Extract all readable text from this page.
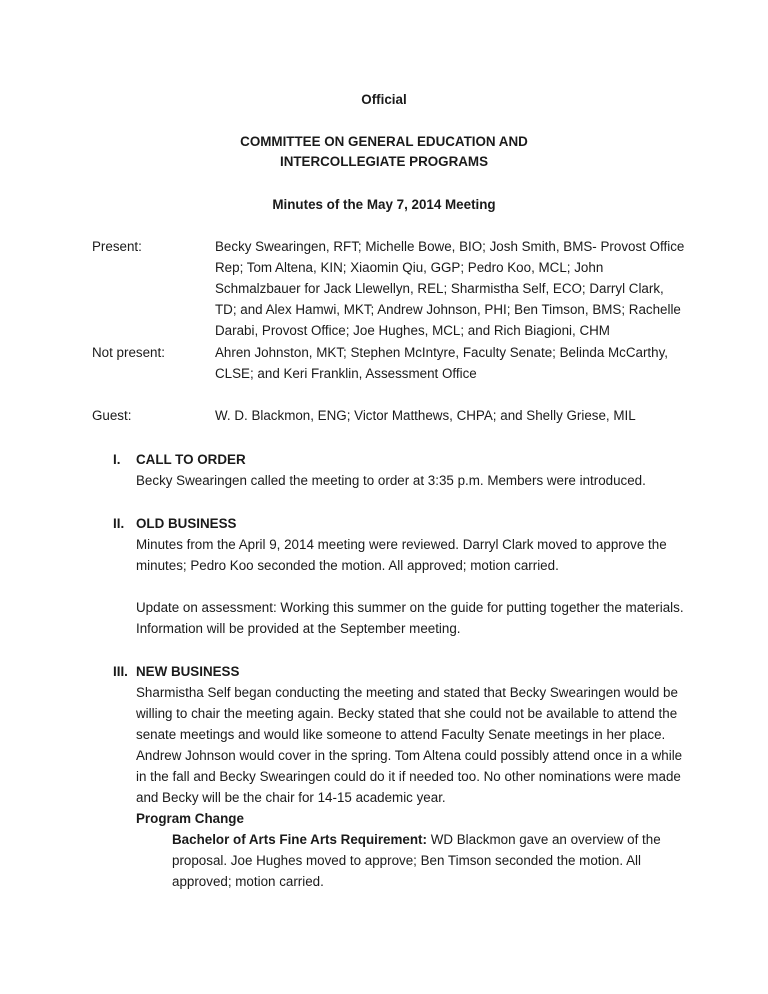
Official
COMMITTEE ON GENERAL EDUCATION AND
INTERCOLLEGIATE PROGRAMS
Minutes of the May 7, 2014 Meeting
Present:	Becky Swearingen, RFT; Michelle Bowe, BIO; Josh Smith, BMS- Provost Office Rep; Tom Altena, KIN; Xiaomin Qiu, GGP; Pedro Koo, MCL; John Schmalzbauer for Jack Llewellyn, REL; Sharmistha Self, ECO; Darryl Clark, TD; and Alex Hamwi, MKT; Andrew Johnson, PHI; Ben Timson, BMS; Rachelle Darabi, Provost Office; Joe Hughes, MCL; and Rich Biagioni, CHM
Not present:	Ahren Johnston, MKT; Stephen McIntyre, Faculty Senate; Belinda McCarthy, CLSE; and Keri Franklin, Assessment Office
Guest:	W. D. Blackmon, ENG; Victor Matthews, CHPA; and Shelly Griese, MIL
I.	CALL TO ORDER
Becky Swearingen called the meeting to order at 3:35 p.m. Members were introduced.
II. OLD BUSINESS
Minutes from the April 9, 2014 meeting were reviewed. Darryl Clark moved to approve the minutes; Pedro Koo seconded the motion. All approved; motion carried.
Update on assessment: Working this summer on the guide for putting together the materials. Information will be provided at the September meeting.
III. NEW BUSINESS
Sharmistha Self began conducting the meeting and stated that Becky Swearingen would be willing to chair the meeting again. Becky stated that she could not be available to attend the senate meetings and would like someone to attend Faculty Senate meetings in her place. Andrew Johnson would cover in the spring. Tom Altena could possibly attend once in a while in the fall and Becky Swearingen could do it if needed too. No other nominations were made and Becky will be the chair for 14-15 academic year.
Program Change
Bachelor of Arts Fine Arts Requirement: WD Blackmon gave an overview of the proposal. Joe Hughes moved to approve; Ben Timson seconded the motion. All approved; motion carried.
